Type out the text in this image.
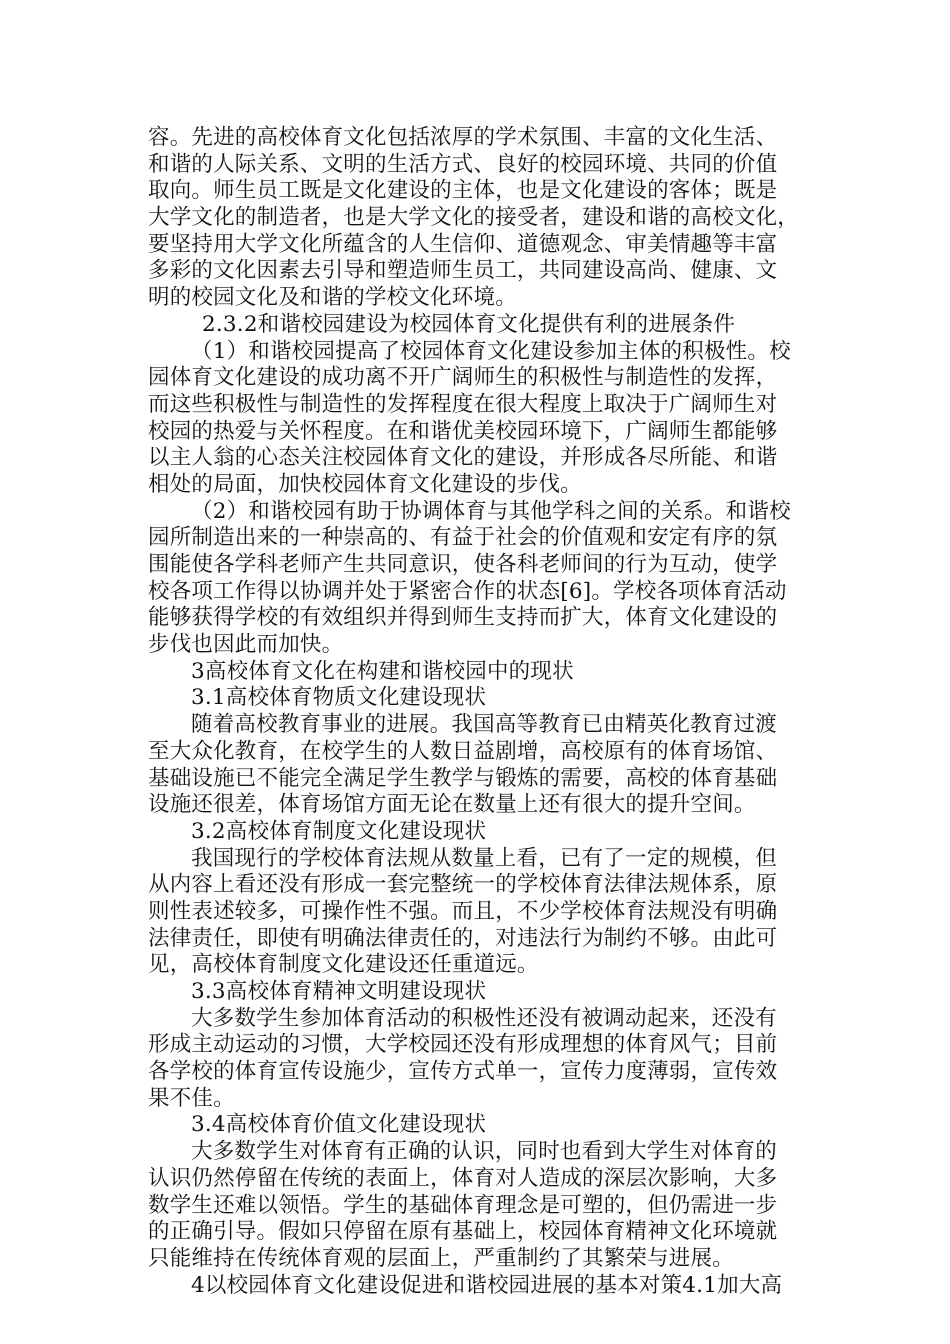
容。先进的高校体育文化包括浓厚的学术氛围、丰富的文化生活、
和谐的人际关系、文明的生活方式、良好的校园环境、共同的价值
取向。师生员工既是文化建设的主体，也是文化建设的客体；既是
大学文化的制造者，也是大学文化的接受者，建设和谐的高校文化，
要坚持用大学文化所蕴含的人生信仰、道德观念、审美情趣等丰富
多彩的文化因素去引导和塑造师生员工，共同建设高尚、健康、文
明的校园文化及和谐的学校文化环境。
2.3.2和谐校园建设为校园体育文化提供有利的进展条件
（1）和谐校园提高了校园体育文化建设参加主体的积极性。校
园体育文化建设的成功离不开广阔师生的积极性与制造性的发挥，
而这些积极性与制造性的发挥程度在很大程度上取决于广阔师生对
校园的热爱与关怀程度。在和谐优美校园环境下，广阔师生都能够
以主人翁的心态关注校园体育文化的建设，并形成各尽所能、和谐
相处的局面，加快校园体育文化建设的步伐。
（2）和谐校园有助于协调体育与其他学科之间的关系。和谐校
园所制造出来的一种崇高的、有益于社会的价值观和安定有序的氛
围能使各学科老师产生共同意识，使各科老师间的行为互动，使学
校各项工作得以协调并处于紧密合作的状态[6]。学校各项体育活动
能够获得学校的有效组织并得到师生支持而扩大，体育文化建设的
步伐也因此而加快。
3高校体育文化在构建和谐校园中的现状
3.1高校体育物质文化建设现状
随着高校教育事业的进展。我国高等教育已由精英化教育过渡
至大众化教育，在校学生的人数日益剧增，高校原有的体育场馆、
基础设施已不能完全满足学生教学与锻炼的需要，高校的体育基础
设施还很差，体育场馆方面无论在数量上还有很大的提升空间。
3.2高校体育制度文化建设现状
我国现行的学校体育法规从数量上看，已有了一定的规模，但
从内容上看还没有形成一套完整统一的学校体育法律法规体系，原
则性表述较多，可操作性不强。而且，不少学校体育法规没有明确
法律责任，即使有明确法律责任的，对违法行为制约不够。由此可
见，高校体育制度文化建设还任重道远。
3.3高校体育精神文明建设现状
大多数学生参加体育活动的积极性还没有被调动起来，还没有
形成主动运动的习惯，大学校园还没有形成理想的体育风气；目前
各学校的体育宣传设施少，宣传方式单一，宣传力度薄弱，宣传效
果不佳。
3.4高校体育价值文化建设现状
大多数学生对体育有正确的认识，同时也看到大学生对体育的
认识仍然停留在传统的表面上，体育对人造成的深层次影响，大多
数学生还难以领悟。学生的基础体育理念是可塑的，但仍需进一步
的正确引导。假如只停留在原有基础上，校园体育精神文化环境就
只能维持在传统体育观的层面上，严重制约了其繁荣与进展。
4以校园体育文化建设促进和谐校园进展的基本对策4.1加大高
